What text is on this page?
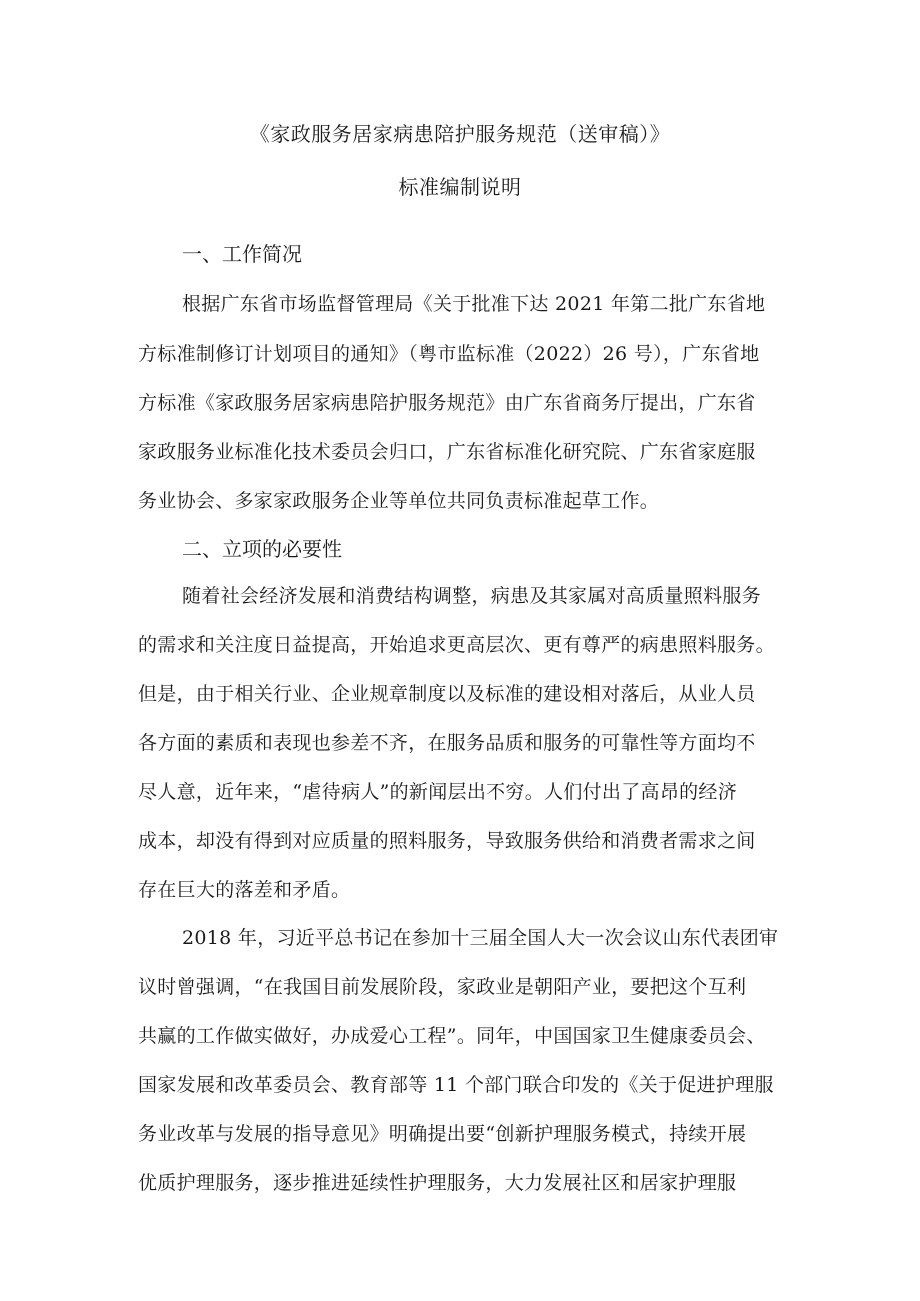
《家政服务居家病患陪护服务规范（送审稿）》
标准编制说明
一、工作简况
根据广东省市场监督管理局《关于批准下达 2021 年第二批广东省地
方标准制修订计划项目的通知》（粤市监标准（2022）26 号），广东省地
方标准《家政服务居家病患陪护服务规范》由广东省商务厅提出，广东省
家政服务业标准化技术委员会归口，广东省标准化研究院、广东省家庭服
务业协会、多家家政服务企业等单位共同负责标准起草工作。
二、立项的必要性
随着社会经济发展和消费结构调整，病患及其家属对高质量照料服务
的需求和关注度日益提高，开始追求更高层次、更有尊严的病患照料服务。
但是，由于相关行业、企业规章制度以及标准的建设相对落后，从业人员
各方面的素质和表现也参差不齐，在服务品质和服务的可靠性等方面均不
尽人意，近年来，“虐待病人”的新闻层出不穷。人们付出了高昂的经济
成本，却没有得到对应质量的照料服务，导致服务供给和消费者需求之间
存在巨大的落差和矛盾。
2018 年，习近平总书记在参加十三届全国人大一次会议山东代表团审
议时曾强调，“在我国目前发展阶段，家政业是朝阳产业，要把这个互利
共赢的工作做实做好，办成爱心工程”。同年，中国国家卫生健康委员会、
国家发展和改革委员会、教育部等 11 个部门联合印发的《关于促进护理服
务业改革与发展的指导意见》明确提出要“创新护理服务模式，持续开展
优质护理服务，逐步推进延续性护理服务，大力发展社区和居家护理服
